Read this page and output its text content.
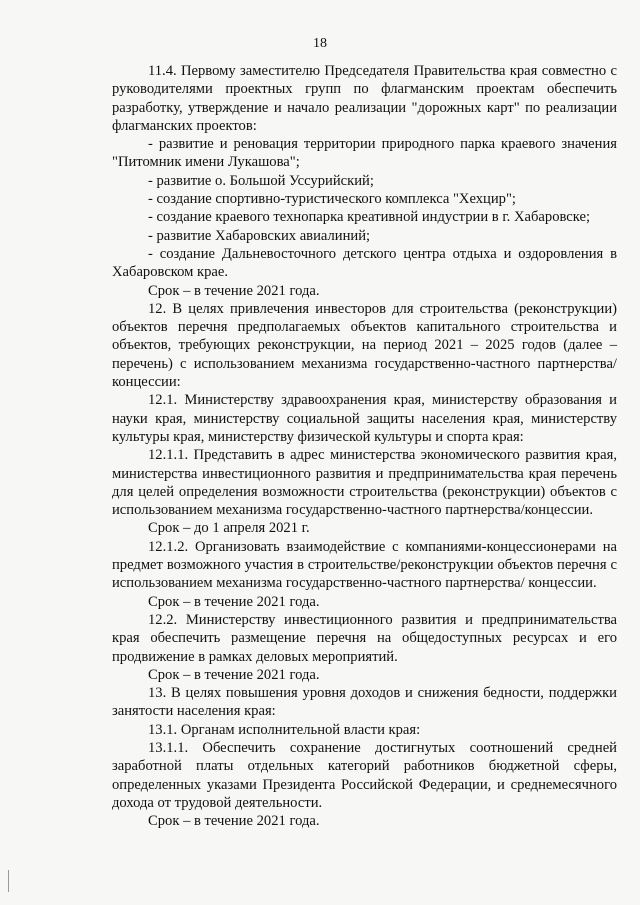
18

11.4. Первому заместителю Председателя Правительства края совместно с руководителями проектных групп по флагманским проектам обеспечить разработку, утверждение и начало реализации "дорожных карт" по реализации флагманских проектов:

- развитие и реновация территории природного парка краевого значения "Питомник имени Лукашова";

- развитие о. Большой Уссурийский;

- создание спортивно-туристического комплекса "Хехцир";

- создание краевого технопарка креативной индустрии в г. Хабаровске;

- развитие Хабаровских авиалиний;

- создание Дальневосточного детского центра отдыха и оздоровления в Хабаровском крае.

Срок – в течение 2021 года.

12. В целях привлечения инвесторов для строительства (реконструкции) объектов перечня предполагаемых объектов капитального строительства и объектов, требующих реконструкции, на период 2021 – 2025 годов (далее – перечень) с использованием механизма государственно-частного партнерства/концессии:

12.1. Министерству здравоохранения края, министерству образования и науки края, министерству социальной защиты населения края, министерству культуры края, министерству физической культуры и спорта края:

12.1.1. Представить в адрес министерства экономического развития края, министерства инвестиционного развития и предпринимательства края перечень для целей определения возможности строительства (реконструкции) объектов с использованием механизма государственно-частного партнерства/концессии.

Срок – до 1 апреля 2021 г.

12.1.2. Организовать взаимодействие с компаниями-концессионерами на предмет возможного участия в строительстве/реконструкции объектов перечня с использованием механизма государственно-частного партнерства/ концессии.

Срок – в течение 2021 года.

12.2. Министерству инвестиционного развития и предпринимательства края обеспечить размещение перечня на общедоступных ресурсах и его продвижение в рамках деловых мероприятий.

Срок – в течение 2021 года.

13. В целях повышения уровня доходов и снижения бедности, поддержки занятости населения края:

13.1. Органам исполнительной власти края:

13.1.1. Обеспечить сохранение достигнутых соотношений средней заработной платы отдельных категорий работников бюджетной сферы, определенных указами Президента Российской Федерации, и среднемесячного дохода от трудовой деятельности.

Срок – в течение 2021 года.
